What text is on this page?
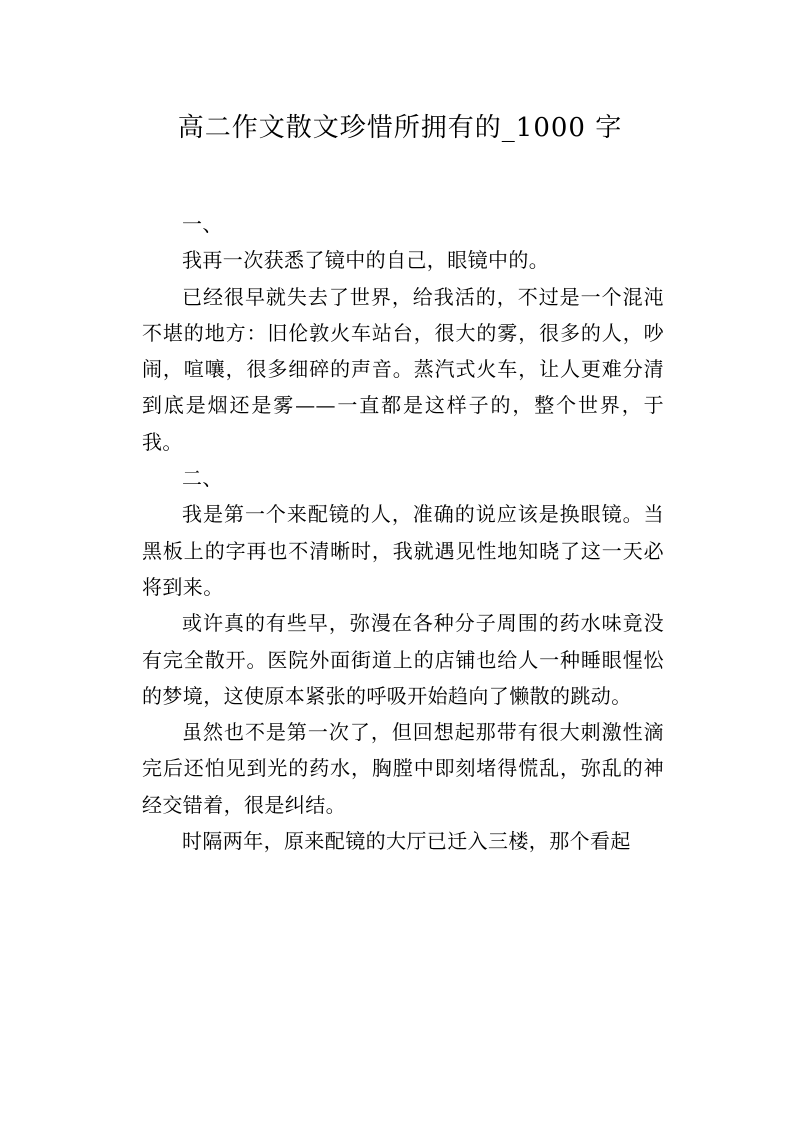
高二作文散文珍惜所拥有的_1000 字

一、

我再一次获悉了镜中的自己，眼镜中的。

已经很早就失去了世界，给我活的，不过是一个混沌不堪的地方：旧伦敦火车站台，很大的雾，很多的人，吵闹，喧嚷，很多细碎的声音。蒸汽式火车，让人更难分清到底是烟还是雾——一直都是这样子的，整个世界，于我。

二、

我是第一个来配镜的人，准确的说应该是换眼镜。当黑板上的字再也不清晰时，我就遇见性地知晓了这一天必将到来。

或许真的有些早，弥漫在各种分子周围的药水味竟没有完全散开。医院外面街道上的店铺也给人一种睡眼惺忪的梦境，这使原本紧张的呼吸开始趋向了懒散的跳动。

虽然也不是第一次了，但回想起那带有很大刺激性滴完后还怕见到光的药水，胸膛中即刻堵得慌乱，弥乱的神经交错着，很是纠结。

时隔两年，原来配镜的大厅已迁入三楼，那个看起
